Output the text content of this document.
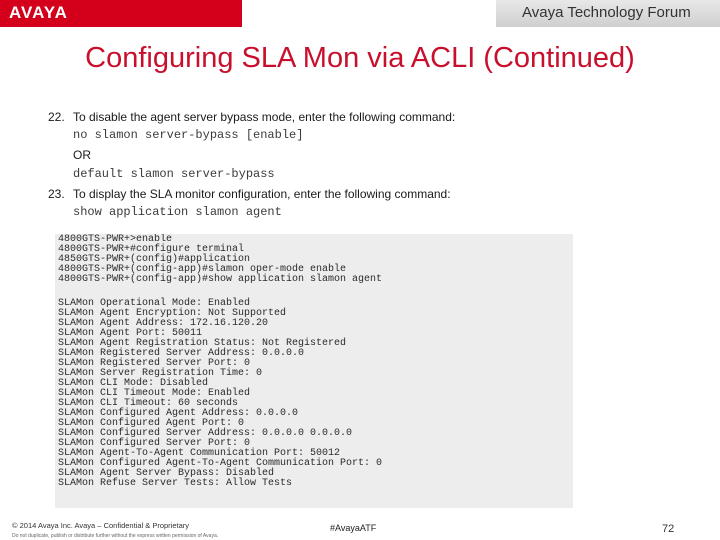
AVAYA	Avaya Technology Forum
Configuring SLA Mon via ACLI (Continued)
22. To disable the agent server bypass mode, enter the following command:
no slamon server-bypass [enable]
OR
default slamon server-bypass
23. To display the SLA monitor configuration, enter the following command:
show application slamon agent
4800GTS-PWR+>enable
4800GTS-PWR+#configure terminal
4850GTS-PWR+(config)#application
4800GTS-PWR+(config-app)#slamon oper-mode enable
4800GTS-PWR+(config-app)#show application slamon agent
SLAMon Operational Mode: Enabled
SLAMon Agent Encryption: Not Supported
SLAMon Agent Address: 172.16.120.20
SLAMon Agent Port: 50011
SLAMon Agent Registration Status: Not Registered
SLAMon Registered Server Address: 0.0.0.0
SLAMon Registered Server Port: 0
SLAMon Server Registration Time: 0
SLAMon CLI Mode: Disabled
SLAMon CLI Timeout Mode: Enabled
SLAMon CLI Timeout: 60 seconds
SLAMon Configured Agent Address: 0.0.0.0
SLAMon Configured Agent Port: 0
SLAMon Configured Server Address: 0.0.0.0 0.0.0.0
SLAMon Configured Server Port: 0
SLAMon Agent-To-Agent Communication Port: 50012
SLAMon Configured Agent-To-Agent Communication Port: 0
SLAMon Agent Server Bypass: Disabled
SLAMon Refuse Server Tests: Allow Tests
© 2014 Avaya Inc. Avaya – Confidential & Proprietary
Do not duplicate, publish or distribute further without the express written permission of Avaya.
#AvayaATF	72
